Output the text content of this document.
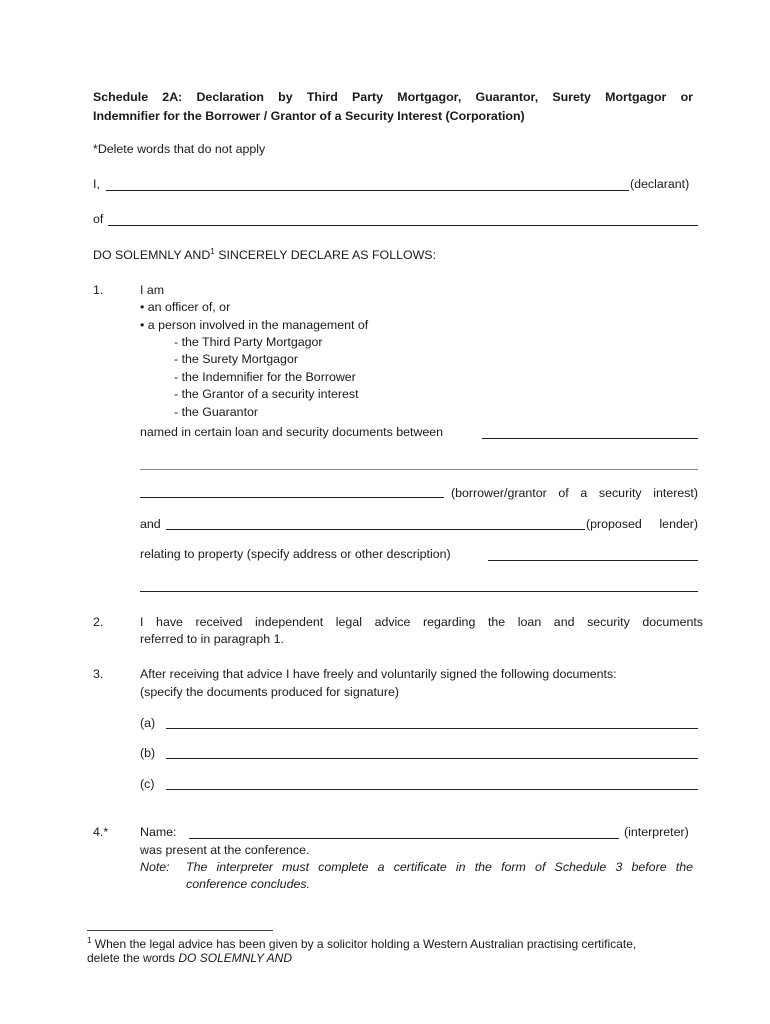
Schedule 2A: Declaration by Third Party Mortgagor, Guarantor, Surety Mortgagor or
Indemnifier for the Borrower / Grantor of a Security Interest (Corporation)
*Delete words that do not apply
I,	(declarant)
of
DO SOLEMNLY AND$^1$ SINCERELY DECLARE AS FOLLOWS:
1.	I am
• an officer of, or
• a person involved in the management of
- the Third Party Mortgagor
- the Surety Mortgagor
- the Indemnifier for the Borrower
- the Grantor of a security interest
- the Guarantor
named in certain loan and security documents between
(borrower/grantor of a security interest)
and	(proposed lender)
relating to property (specify address or other description)
2.	I have received independent legal advice regarding the loan and security documents
referred to in paragraph 1.
3.	After receiving that advice I have freely and voluntarily signed the following documents:
(specify the documents produced for signature)
(a)
(b)
(c)
4.*	Name:	(interpreter)
was present at the conference.
Note: The interpreter must complete a certificate in the form of Schedule 3 before the
conference concludes.
$^1$ When the legal advice has been given by a solicitor holding a Western Australian practising certificate,
delete the words DO SOLEMNLY AND
